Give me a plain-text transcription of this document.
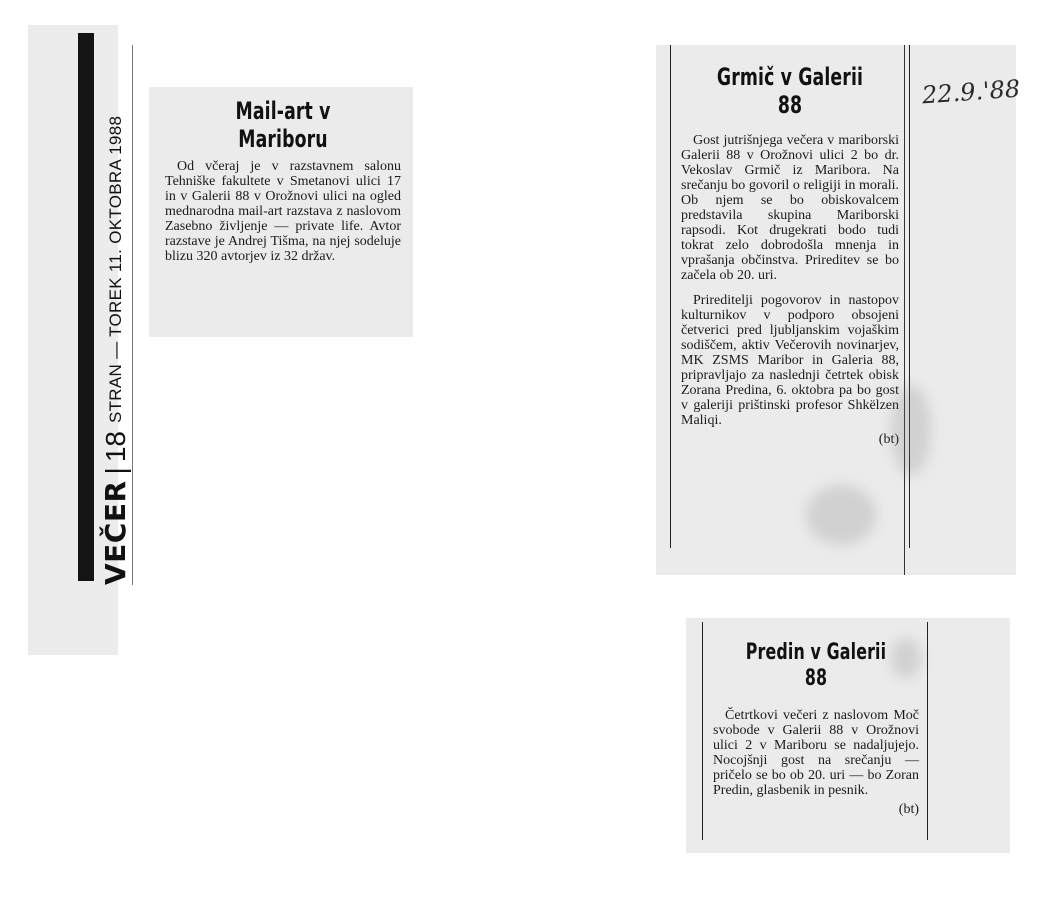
VEČER
|
18
STRAN — TOREK 11. OKTOBRA 1988
Mail-art v
Mariboru

Od včeraj je v razstavnem salonu Tehniške fakultete v Smetanovi ulici 17 in v Galerii 88 v Orožnovi ulici na ogled mednarodna mail-art razstava z naslovom Zasebno življenje — private life. Avtor razstave je Andrej Tišma, na njej sodeluje blizu 320 avtorjev iz 32 držav.

Grmič v Galerii 88

Gost jutrišnjega večera v mariborski Galerii 88 v Orožnovi ulici 2 bo dr. Vekoslav Grmič iz Maribora. Na srečanju bo govoril o religiji in morali. Ob njem se bo obiskovalcem predstavila skupina Mariborski rapsodi. Kot drugekrati bodo tudi tokrat zelo dobrodošla mnenja in vprašanja občinstva. Prireditev se bo začela ob 20. uri.

Prireditelji pogovorov in nastopov kulturnikov v podporo obsojeni četverici pred ljubljanskim vojaškim sodiščem, aktiv Večerovih novinarjev, MK ZSMS Maribor in Galeria 88, pripravljajo za naslednji četrtek obisk Zorana Predina, 6. oktobra pa bo gost v galeriji prištinski profesor Shkëlzen Maliqi.

(bt)
22.9.'88
Predin v Galerii 88

Četrtkovi večeri z naslovom Moč svobode v Galerii 88 v Orožnovi ulici 2 v Mariboru se nadaljujejo. Nocojšnji gost na srečanju — pričelo se bo ob 20. uri — bo Zoran Predin, glasbenik in pesnik.

(bt)
